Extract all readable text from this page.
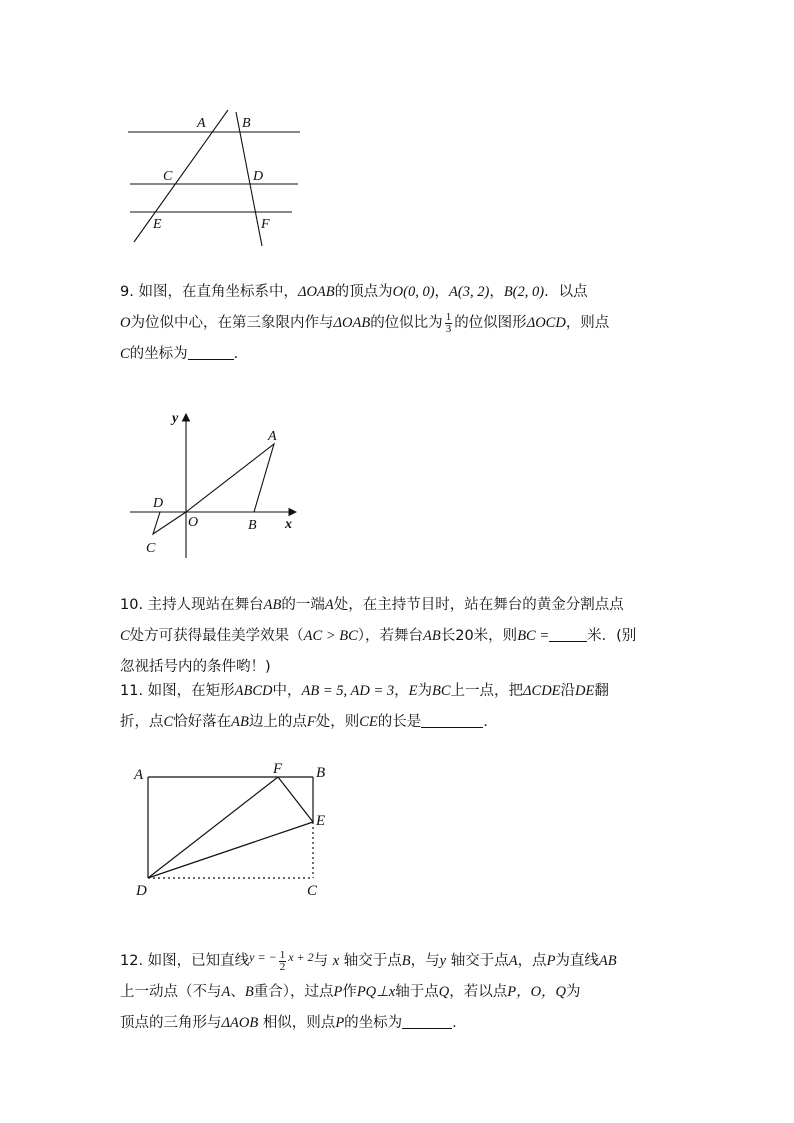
A	B
C	D
E	F
9. 如图，在直角坐标系中，ΔOAB的顶点为O(0, 0)，A(3, 2)，B(2, 0)．以点
O为位似中心，在第三象限内作与ΔOAB的位似比为 $\frac{1}{3}$ 的位似图形ΔOCD，则点
C的坐标为	.
y
x
A
B
O
D
C
10. 主持人现站在舞台AB的一端A处，在主持节目时，站在舞台的黄金分割点点
C处方可获得最佳美学效果（AC > BC），若舞台AB长20米，则BC =	米．(别
忽视括号内的条件哟！)
11. 如图，在矩形ABCD中，AB = 5, AD = 3，E为BC上一点，把ΔCDE沿DE翻
折，点C恰好落在AB边上的点F处，则CE的长是	.
A	F B
E
D	C
12. 如图，已知直线$^{y = -} \frac{1}{2} ^{x + 2}$与 x 轴交于点B，与y 轴交于点A，点P为直线AB
上一动点（不与A、B重合），过点P作PQ⊥x轴于点Q，若以点P，O，Q为
顶点的三角形与ΔAOB 相似，则点P的坐标为	.
